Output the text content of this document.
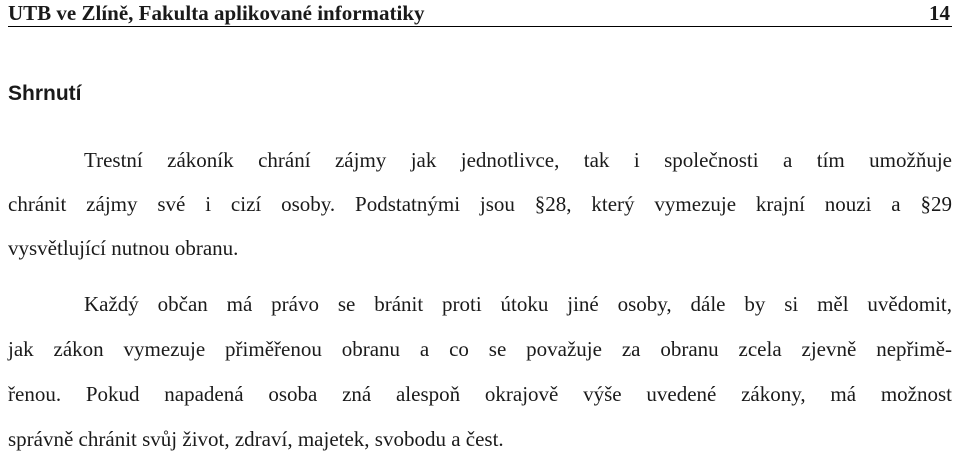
UTB ve Zlíně, Fakulta aplikované informatiky	14
Shrnutí
Trestní zákoník chrání zájmy jak jednotlivce, tak i společnosti a tím umožňuje
chránit zájmy své i cizí osoby. Podstatnými jsou §28, který vymezuje krajní nouzi a §29
vysvětlující nutnou obranu.
Každý občan má právo se bránit proti útoku jiné osoby, dále by si měl uvědomit,
jak zákon vymezuje přiměřenou obranu a co se považuje za obranu zcela zjevně nepřimě-
řenou. Pokud napadená osoba zná alespoň okrajově výše uvedené zákony, má možnost
správně chránit svůj život, zdraví, majetek, svobodu a čest.
